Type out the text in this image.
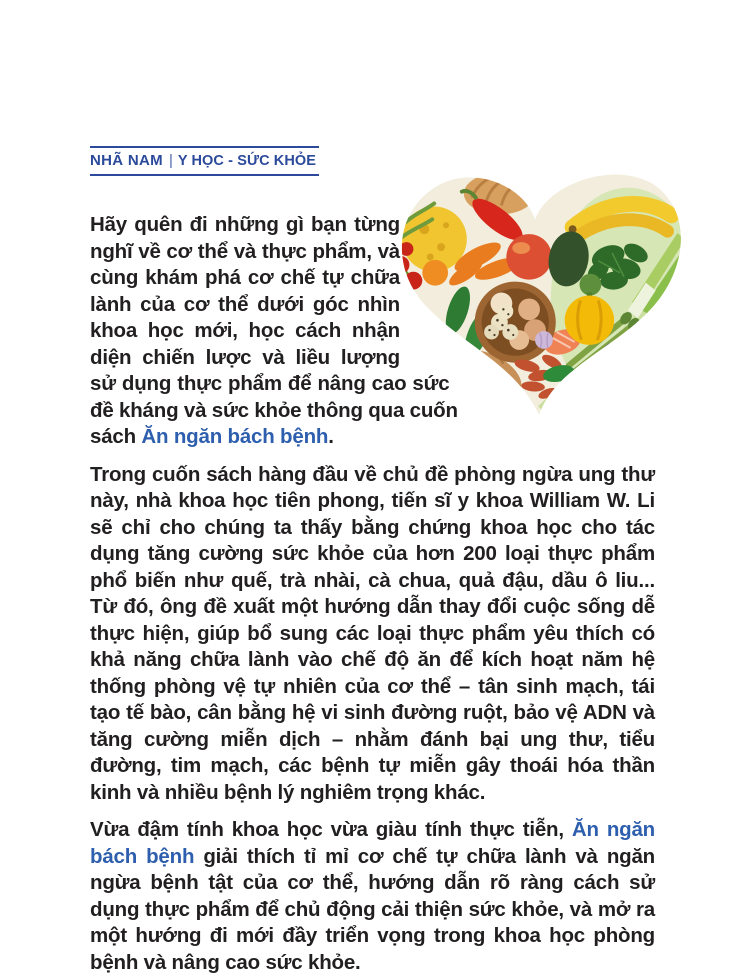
NHÃ NAM | Y HỌC - SỨC KHỎE

Hãy quên đi những gì bạn từng nghĩ về cơ thể và thực phẩm, và cùng khám phá cơ chế tự chữa lành của cơ thể dưới góc nhìn khoa học mới, học cách nhận diện chiến lược và liều lượng sử dụng thực phẩm để nâng cao sức đề kháng và sức khỏe thông qua cuốn sách Ăn ngăn bách bệnh.

Trong cuốn sách hàng đầu về chủ đề phòng ngừa ung thư này, nhà khoa học tiên phong, tiến sĩ y khoa William W. Li sẽ chỉ cho chúng ta thấy bằng chứng khoa học cho tác dụng tăng cường sức khỏe của hơn 200 loại thực phẩm phổ biến như quế, trà nhài, cà chua, quả đậu, dầu ô liu... Từ đó, ông đề xuất một hướng dẫn thay đổi cuộc sống dễ thực hiện, giúp bổ sung các loại thực phẩm yêu thích có khả năng chữa lành vào chế độ ăn để kích hoạt năm hệ thống phòng vệ tự nhiên của cơ thể – tân sinh mạch, tái tạo tế bào, cân bằng hệ vi sinh đường ruột, bảo vệ ADN và tăng cường miễn dịch – nhằm đánh bại ung thư, tiểu đường, tim mạch, các bệnh tự miễn gây thoái hóa thần kinh và nhiều bệnh lý nghiêm trọng khác.

Vừa đậm tính khoa học vừa giàu tính thực tiễn, Ăn ngăn bách bệnh giải thích tỉ mỉ cơ chế tự chữa lành và ngăn ngừa bệnh tật của cơ thể, hướng dẫn rõ ràng cách sử dụng thực phẩm để chủ động cải thiện sức khỏe, và mở ra một hướng đi mới đầy triển vọng trong khoa học phòng bệnh và nâng cao sức khỏe.
